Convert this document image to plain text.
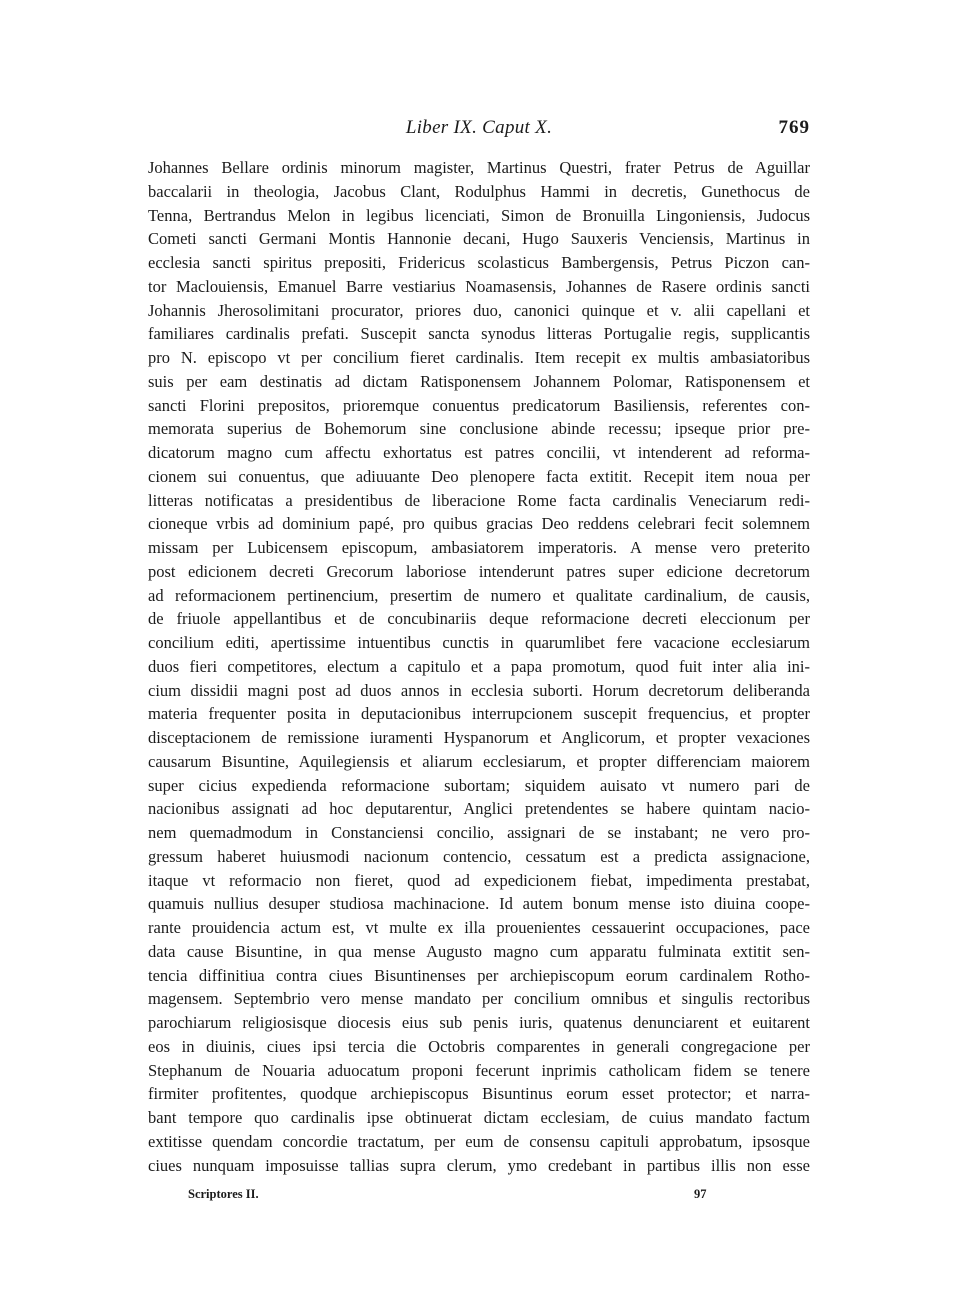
Liber IX. Caput X.	769
Johannes Bellare ordinis minorum magister, Martinus Questri, frater Petrus de Aguillar
baccalarii in theologia, Jacobus Clant, Rodulphus Hammi in decretis, Gunethocus de
Tenna, Bertrandus Melon in legibus licenciati, Simon de Bronuilla Lingoniensis, Judocus
Cometi sancti Germani Montis Hannonie decani, Hugo Sauxeris Venciensis, Martinus in
ecclesia sancti spiritus prepositi, Fridericus scolasticus Bambergensis, Petrus Piczon can-
tor Maclouiensis, Emanuel Barre vestiarius Noamasensis, Johannes de Rasere ordinis sancti
Johannis Jherosolimitani procurator, priores duo, canonici quinque et v. alii capellani et
familiares cardinalis prefati. Suscepit sancta synodus litteras Portugalie regis, supplicantis
pro N. episcopo vt per concilium fieret cardinalis. Item recepit ex multis ambasiatoribus
suis per eam destinatis ad dictam Ratisponensem Johannem Polomar, Ratisponensem et
sancti Florini prepositos, prioremque conuentus predicatorum Basiliensis, referentes con-
memorata superius de Bohemorum sine conclusione abinde recessu; ipseque prior pre-
dicatorum magno cum affectu exhortatus est patres concilii, vt intenderent ad reforma-
cionem sui conuentus, que adiuuante Deo plenopere facta extitit. Recepit item noua per
litteras notificatas a presidentibus de liberacione Rome facta cardinalis Veneciarum redi-
cioneque vrbis ad dominium papé, pro quibus gracias Deo reddens celebrari fecit solemnem
missam per Lubicensem episcopum, ambasiatorem imperatoris. A mense vero preterito
post edicionem decreti Grecorum laboriose intenderunt patres super edicione decretorum
ad reformacionem pertinencium, presertim de numero et qualitate cardinalium, de causis,
de friuole appellantibus et de concubinariis deque reformacione decreti eleccionum per
concilium editi, apertissime intuentibus cunctis in quarumlibet fere vacacione ecclesiarum
duos fieri competitores, electum a capitulo et a papa promotum, quod fuit inter alia ini-
cium dissidii magni post ad duos annos in ecclesia suborti. Horum decretorum deliberanda
materia frequenter posita in deputacionibus interrupcionem suscepit frequencius, et propter
disceptacionem de remissione iuramenti Hyspanorum et Anglicorum, et propter vexaciones
causarum Bisuntine, Aquilegiensis et aliarum ecclesiarum, et propter differenciam maiorem
super cicius expedienda reformacione subortam; siquidem auisato vt numero pari de
nacionibus assignati ad hoc deputarentur, Anglici pretendentes se habere quintam nacio-
nem quemadmodum in Constanciensi concilio, assignari de se instabant; ne vero pro-
gressum haberet huiusmodi nacionum contencio, cessatum est a predicta assignacione,
itaque vt reformacio non fieret, quod ad expedicionem fiebat, impedimenta prestabat,
quamuis nullius desuper studiosa machinacione. Id autem bonum mense isto diuina coope-
rante prouidencia actum est, vt multe ex illa prouenientes cessauerint occupaciones, pace
data cause Bisuntine, in qua mense Augusto magno cum apparatu fulminata extitit sen-
tencia diffinitiua contra ciues Bisuntinenses per archiepiscopum eorum cardinalem Rotho-
magensem. Septembrio vero mense mandato per concilium omnibus et singulis rectoribus
parochiarum religiosisque diocesis eius sub penis iuris, quatenus denunciarent et euitarent
eos in diuinis, ciues ipsi tercia die Octobris comparentes in generali congregacione per
Stephanum de Nouaria aduocatum proponi fecerunt inprimis catholicam fidem se tenere
firmiter profitentes, quodque archiepiscopus Bisuntinus eorum esset protector; et narra-
bant tempore quo cardinalis ipse obtinuerat dictam ecclesiam, de cuius mandato factum
extitisse quendam concordie tractatum, per eum de consensu capituli approbatum, ipsosque
ciues nunquam imposuisse tallias supra clerum, ymo credebant in partibus illis non esse
Scriptores II.	97
